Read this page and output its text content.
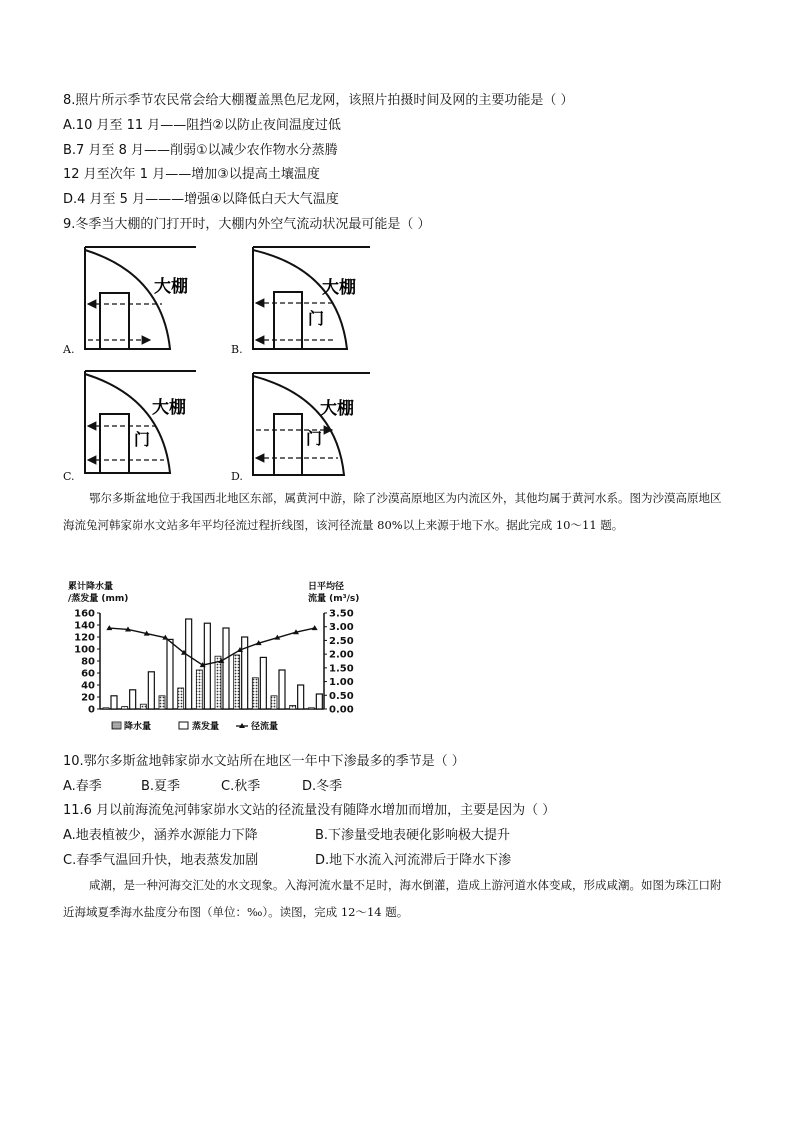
8.照片所示季节农民常会给大棚覆盖黑色尼龙网，该照片拍摄时间及网的主要功能是（ ）
A.10 月至 11 月——阻挡②以防止夜间温度过低
B.7 月至 8 月——削弱①以减少农作物水分蒸腾
12 月至次年 1 月——增加③以提高土壤温度
D.4 月至 5 月———增强④以降低白天大气温度
9.冬季当大棚的门打开时，大棚内外空气流动状况最可能是（ ）
大棚
A.
大棚
门
B.
大棚
门
C.
大棚
门
D.

鄂尔多斯盆地位于我国西北地区东部，属黄河中游，除了沙漠高原地区为内流区外，其他均属于黄河水系。图为沙漠高原地区海流兔河韩家峁水文站多年平均径流过程折线图，该河径流量 80%以上来源于地下水。据此完成 10～11 题。

累计降水量
/蒸发量 (mm)
日平均径
流量 (m³/s)
0
20
40
60
80
100
120
140
160
0.00
0.50
1.00
1.50
2.00
2.50
3.00
3.50
降水量	蒸发量	径流量
10.鄂尔多斯盆地韩家峁水文站所在地区一年中下渗最多的季节是（ ）
A.春季	B.夏季	C.秋季	D.冬季
11.6 月以前海流兔河韩家峁水文站的径流量没有随降水增加而增加，主要是因为（ ）
A.地表植被少，涵养水源能力下降	B.下渗量受地表硬化影响极大提升
C.春季气温回升快，地表蒸发加剧	D.地下水流入河流滞后于降水下渗

咸潮，是一种河海交汇处的水文现象。入海河流水量不足时，海水倒灌，造成上游河道水体变咸，形成咸潮。如图为珠江口附近海域夏季海水盐度分布图（单位：‰）。读图，完成 12～14 题。
